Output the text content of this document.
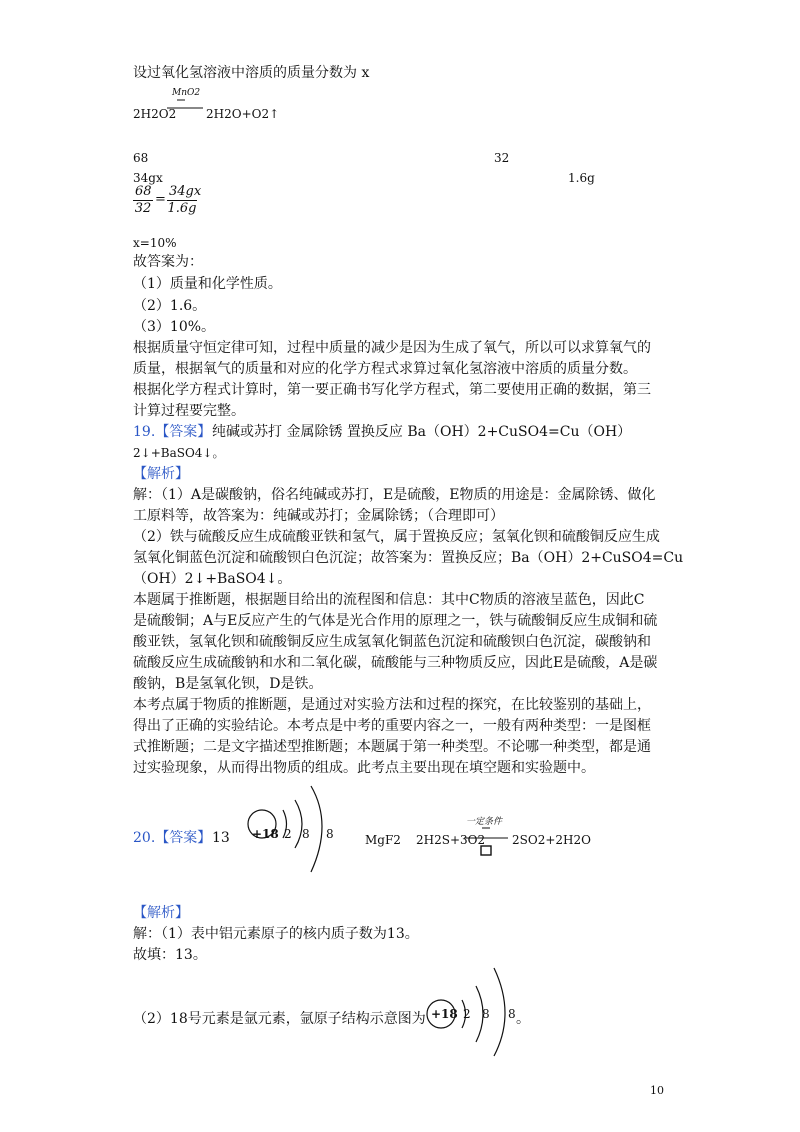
设过氧化氢溶液中溶质的质量分数为 x
MnO2
2H2O2 2H2O+O2↑
68	32
34gx	1.6g
$\frac{68}{32} = \frac{34gx}{1.6g}$
x=10%
故答案为：
（1）质量和化学性质。
（2）1.6。
（3）10%。
根据质量守恒定律可知，过程中质量的减少是因为生成了氧气，所以可以求算氧气的
质量，根据氧气的质量和对应的化学方程式求算过氧化氢溶液中溶质的质量分数。
根据化学方程式计算时，第一要正确书写化学方程式，第二要使用正确的数据，第三
计算过程要完整。
19.【答案】 纯碱或苏打 金属除锈 置换反应 Ba（OH）2+CuSO4=Cu（OH）
2↓+BaSO4↓。
【解析】
解：（1）A是碳酸钠，俗名纯碱或苏打，E是硫酸，E物质的用途是：金属除锈、做化
工原料等，故答案为：纯碱或苏打；金属除锈；（合理即可）
（2）铁与硫酸反应生成硫酸亚铁和氢气，属于置换反应；氢氧化钡和硫酸铜反应生成
氢氧化铜蓝色沉淀和硫酸钡白色沉淀；故答案为：置换反应；Ba（OH）2+CuSO4=Cu
（OH）2↓+BaSO4↓。
本题属于推断题，根据题目给出的流程图和信息：其中C物质的溶液呈蓝色，因此C
是硫酸铜；A与E反应产生的气体是光合作用的原理之一，铁与硫酸铜反应生成铜和硫
酸亚铁，氢氧化钡和硫酸铜反应生成氢氧化铜蓝色沉淀和硫酸钡白色沉淀，碳酸钠和
硫酸反应生成硫酸钠和水和二氧化碳，硫酸能与三种物质反应，因此E是硫酸，A是碳
酸钠，B是氢氧化钡，D是铁。
本考点属于物质的推断题，是通过对实验方法和过程的探究，在比较鉴别的基础上，
得出了正确的实验结论。本考点是中考的重要内容之一，一般有两种类型：一是图框
式推断题；二是文字描述型推断题；本题属于第一种类型。不论哪一种类型，都是通
过实验现象，从而得出物质的组成。此考点主要出现在填空题和实验题中。
20.【答案】 13 +18 2 8 8	MgF2
一定条件
2H2S+3O2 2SO2+2H2O
【解析】
解：（1）表中铝元素原子的核内质子数为13。
故填：13。
（2）18号元素是氩元素，氩原子结构示意图为 +18 2 8 8 。
10
